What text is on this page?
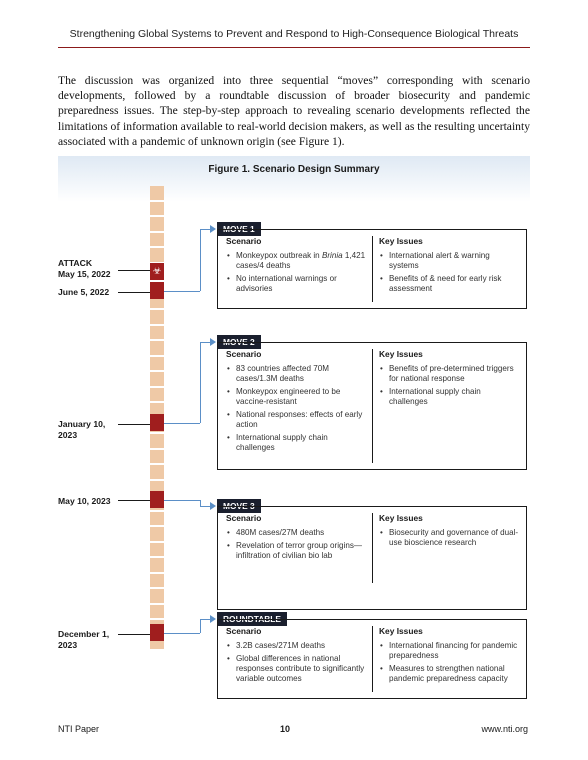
Strengthening Global Systems to Prevent and Respond to High-Consequence Biological Threats

The discussion was organized into three sequential “moves” corresponding with scenario developments, followed by a roundtable discussion of broader biosecurity and pandemic preparedness issues. The step-by-step approach to revealing scenario developments reflected the limitations of information available to real-world decision makers, as well as the resulting uncertainty associated with a pandemic of unknown origin (see Figure 1).

Figure 1. Scenario Design Summary
☣
ATTACK
May 15, 2022
June 5, 2022
January 10,
2023
May 10, 2023
December 1,
2023
MOVE 1
Scenario
• Monkeypox outbreak in Brinia 1,421 cases/4 deaths
• No international warnings or advisories
Key Issues
• International alert & warning systems
• Benefits of & need for early risk assessment
MOVE 2
Scenario
• 83 countries affected 70M cases/1.3M deaths
• Monkeypox engineered to be vaccine-resistant
• National responses: effects of early action
• International supply chain challenges
Key Issues
• Benefits of pre-determined triggers for national response
• International supply chain challenges
MOVE 3
Scenario
• 480M cases/27M deaths
• Revelation of terror group origins—infiltration of civilian bio lab
Key Issues
• Biosecurity and governance of dual-use bioscience research
ROUNDTABLE
Scenario
• 3.2B cases/271M deaths
• Global differences in national responses contribute to significantly variable outcomes
Key Issues
• International financing for pandemic preparedness
• Measures to strengthen national pandemic preparedness capacity
NTI Paper	10	www.nti.org
